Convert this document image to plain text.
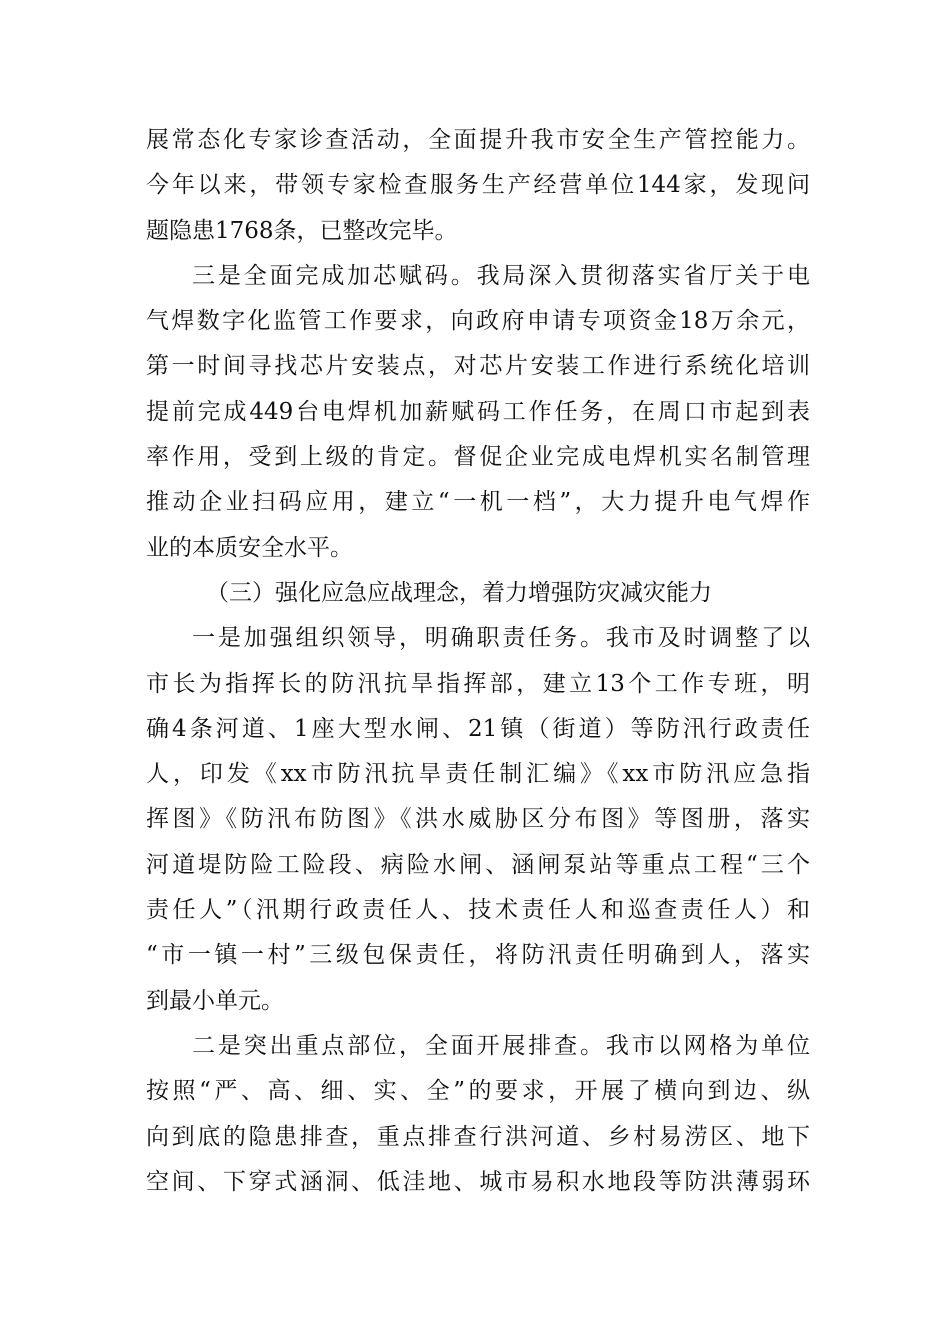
展常态化专家诊查活动，全面提升我市安全生产管控能力。
今年以来，带领专家检查服务生产经营单位144家，发现问
题隐患1768条，已整改完毕。
三是全面完成加芯赋码。我局深入贯彻落实省厅关于电
气焊数字化监管工作要求，向政府申请专项资金18万余元，
第一时间寻找芯片安装点，对芯片安装工作进行系统化培训
提前完成449台电焊机加薪赋码工作任务，在周口市起到表
率作用，受到上级的肯定。督促企业完成电焊机实名制管理
推动企业扫码应用，建立“一机一档”，大力提升电气焊作
业的本质安全水平。
（三）强化应急应战理念，着力增强防灾减灾能力
一是加强组织领导，明确职责任务。我市及时调整了以
市长为指挥长的防汛抗旱指挥部，建立13个工作专班，明
确4条河道、1座大型水闸、21镇（街道）等防汛行政责任
人，印发《xx市防汛抗旱责任制汇编》《xx市防汛应急指
挥图》《防汛布防图》《洪水威胁区分布图》等图册，落实
河道堤防险工险段、病险水闸、涵闸泵站等重点工程“三个
责任人”（汛期行政责任人、技术责任人和巡查责任人）和
“市一镇一村”三级包保责任，将防汛责任明确到人，落实
到最小单元。
二是突出重点部位，全面开展排查。我市以网格为单位
按照“严、高、细、实、全”的要求，开展了横向到边、纵
向到底的隐患排查，重点排查行洪河道、乡村易涝区、地下
空间、下穿式涵洞、低洼地、城市易积水地段等防洪薄弱环
